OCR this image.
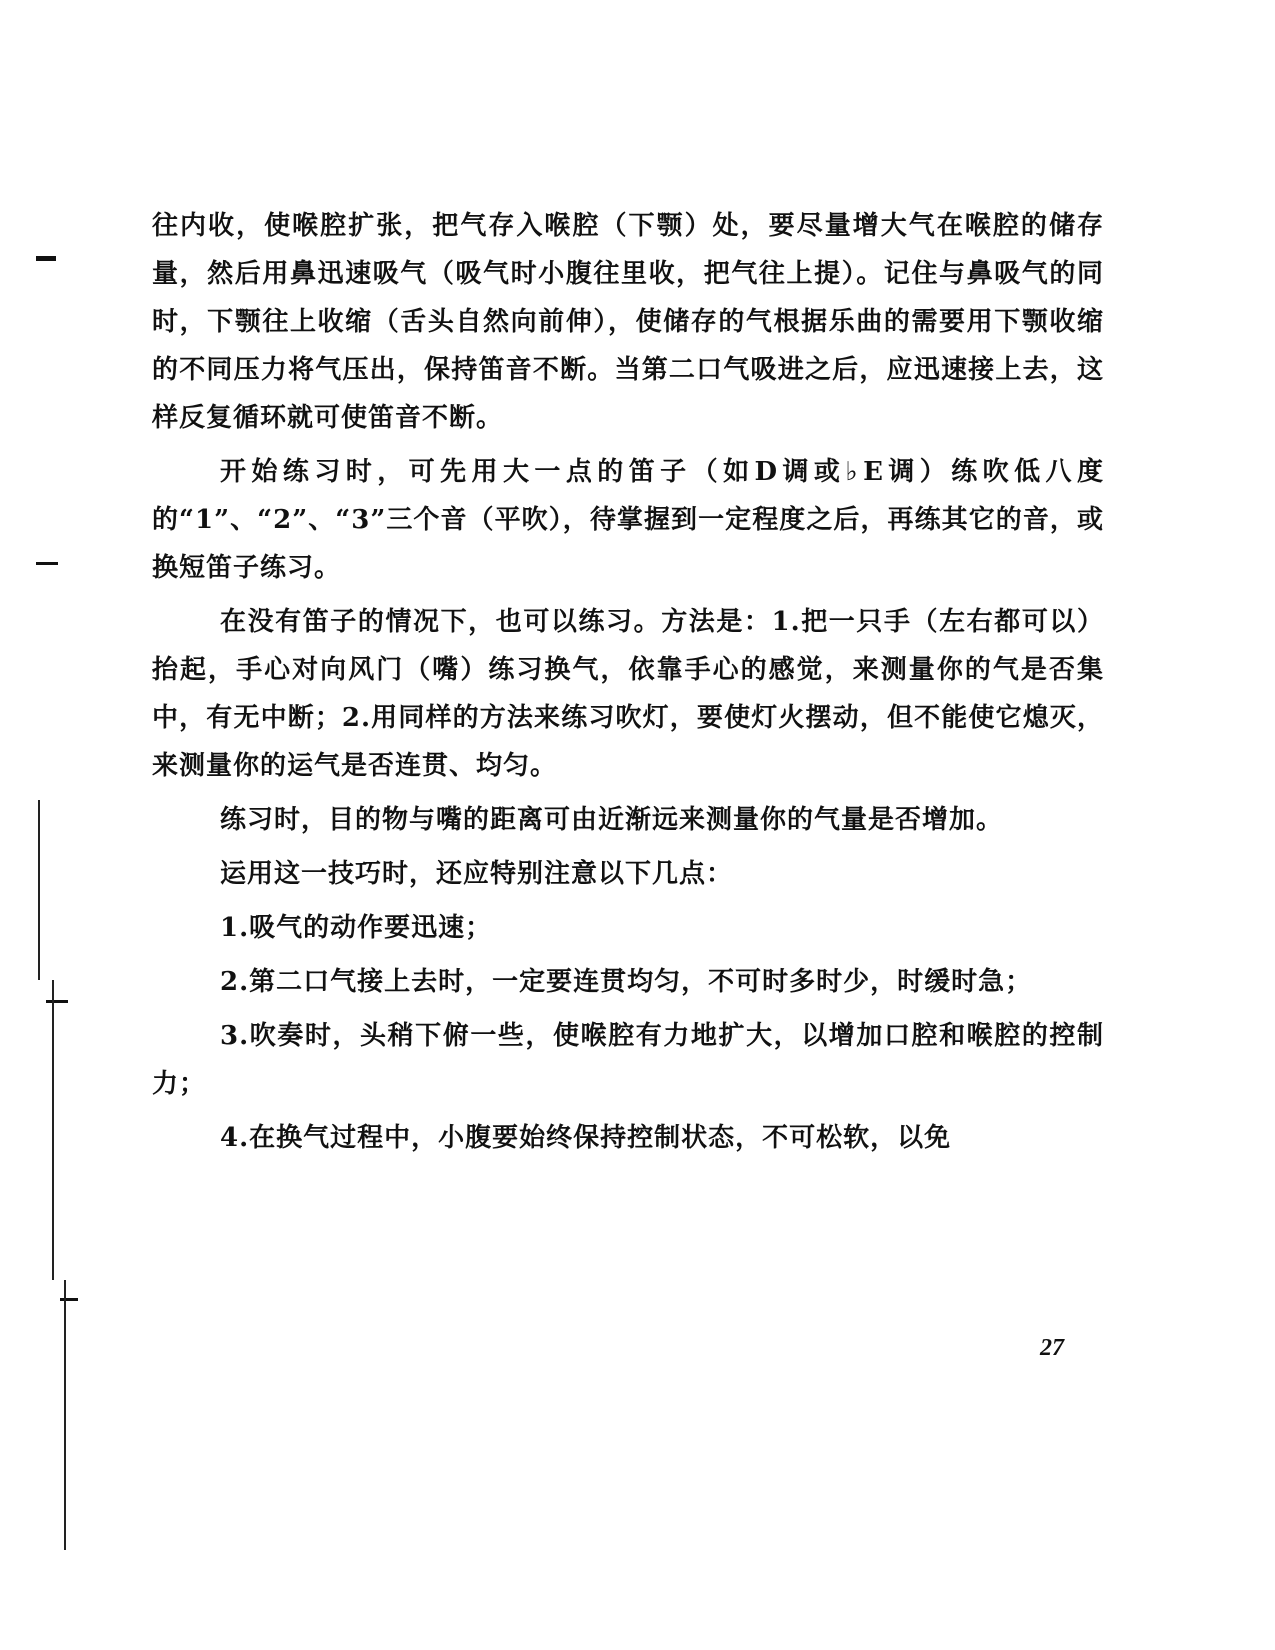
往内收，使喉腔扩张，把气存入喉腔（下颚）处，要尽量增大气在喉腔的储存量，然后用鼻迅速吸气（吸气时小腹往里收，把气往上提）。记住与鼻吸气的同时，下颚往上收缩（舌头自然向前伸），使储存的气根据乐曲的需要用下颚收缩的不同压力将气压出，保持笛音不断。当第二口气吸进之后，应迅速接上去，这样反复循环就可使笛音不断。

开始练习时，可先用大一点的笛子（如D调或♭E调）练吹低八度的“1”、“2”、“3”三个音（平吹），待掌握到一定程度之后，再练其它的音，或换短笛子练习。

在没有笛子的情况下，也可以练习。方法是：1.把一只手（左右都可以）抬起，手心对向风门（嘴）练习换气，依靠手心的感觉，来测量你的气是否集中，有无中断；2.用同样的方法来练习吹灯，要使灯火摆动，但不能使它熄灭，来测量你的运气是否连贯、均匀。

练习时，目的物与嘴的距离可由近渐远来测量你的气量是否增加。

运用这一技巧时，还应特别注意以下几点：

1.吸气的动作要迅速；

2.第二口气接上去时，一定要连贯均匀，不可时多时少，时缓时急；

3.吹奏时，头稍下俯一些，使喉腔有力地扩大，以增加口腔和喉腔的控制力；

4.在换气过程中，小腹要始终保持控制状态，不可松软，以免

27
